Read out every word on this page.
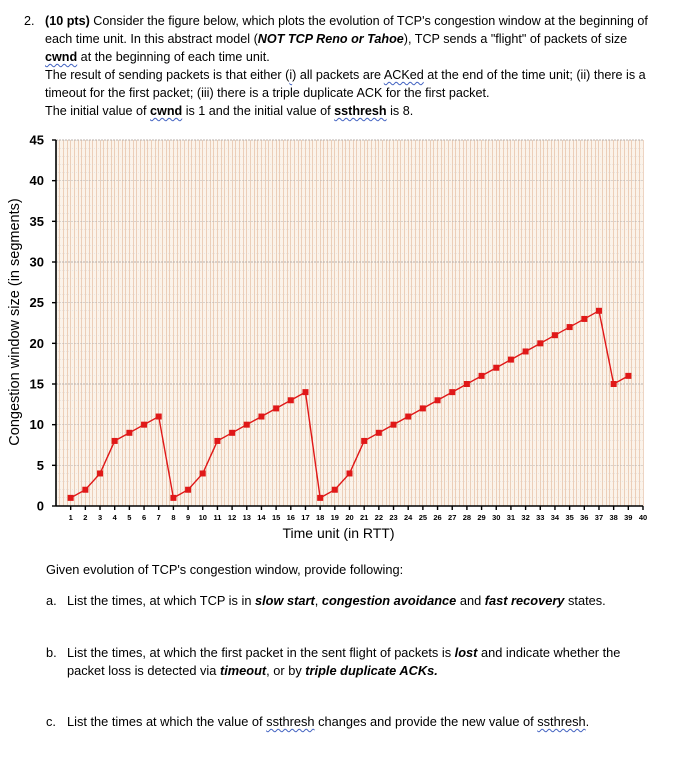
2. (10 pts) Consider the figure below, which plots the evolution of TCP's congestion window at the beginning of each time unit. In this abstract model (NOT TCP Reno or Tahoe), TCP sends a "flight" of packets of size cwnd at the beginning of each time unit.
The result of sending packets is that either (i) all packets are ACKed at the end of the time unit; (ii) there is a timeout for the first packet; (iii) there is a triple duplicate ACK for the first packet.
The initial value of cwnd is 1 and the initial value of ssthresh is 8.
0
5
10
15
20
25
30
35
40
45
1 2 3 4 5 6 7 8 9 10 11 12 13 14 15 16 17 18 19 20 21 22 23 24 25 26 27 28 29 30 31 32 33 34 35 36 37 38 39 40
Congestion window size (in segments)
Time unit (in RTT)
Given evolution of TCP's congestion window, provide following:
a. List the times, at which TCP is in slow start, congestion avoidance and fast recovery states.
b. List the times, at which the first packet in the sent flight of packets is lost and indicate whether the packet loss is detected via timeout, or by triple duplicate ACKs.
c. List the times at which the value of ssthresh changes and provide the new value of ssthresh.
